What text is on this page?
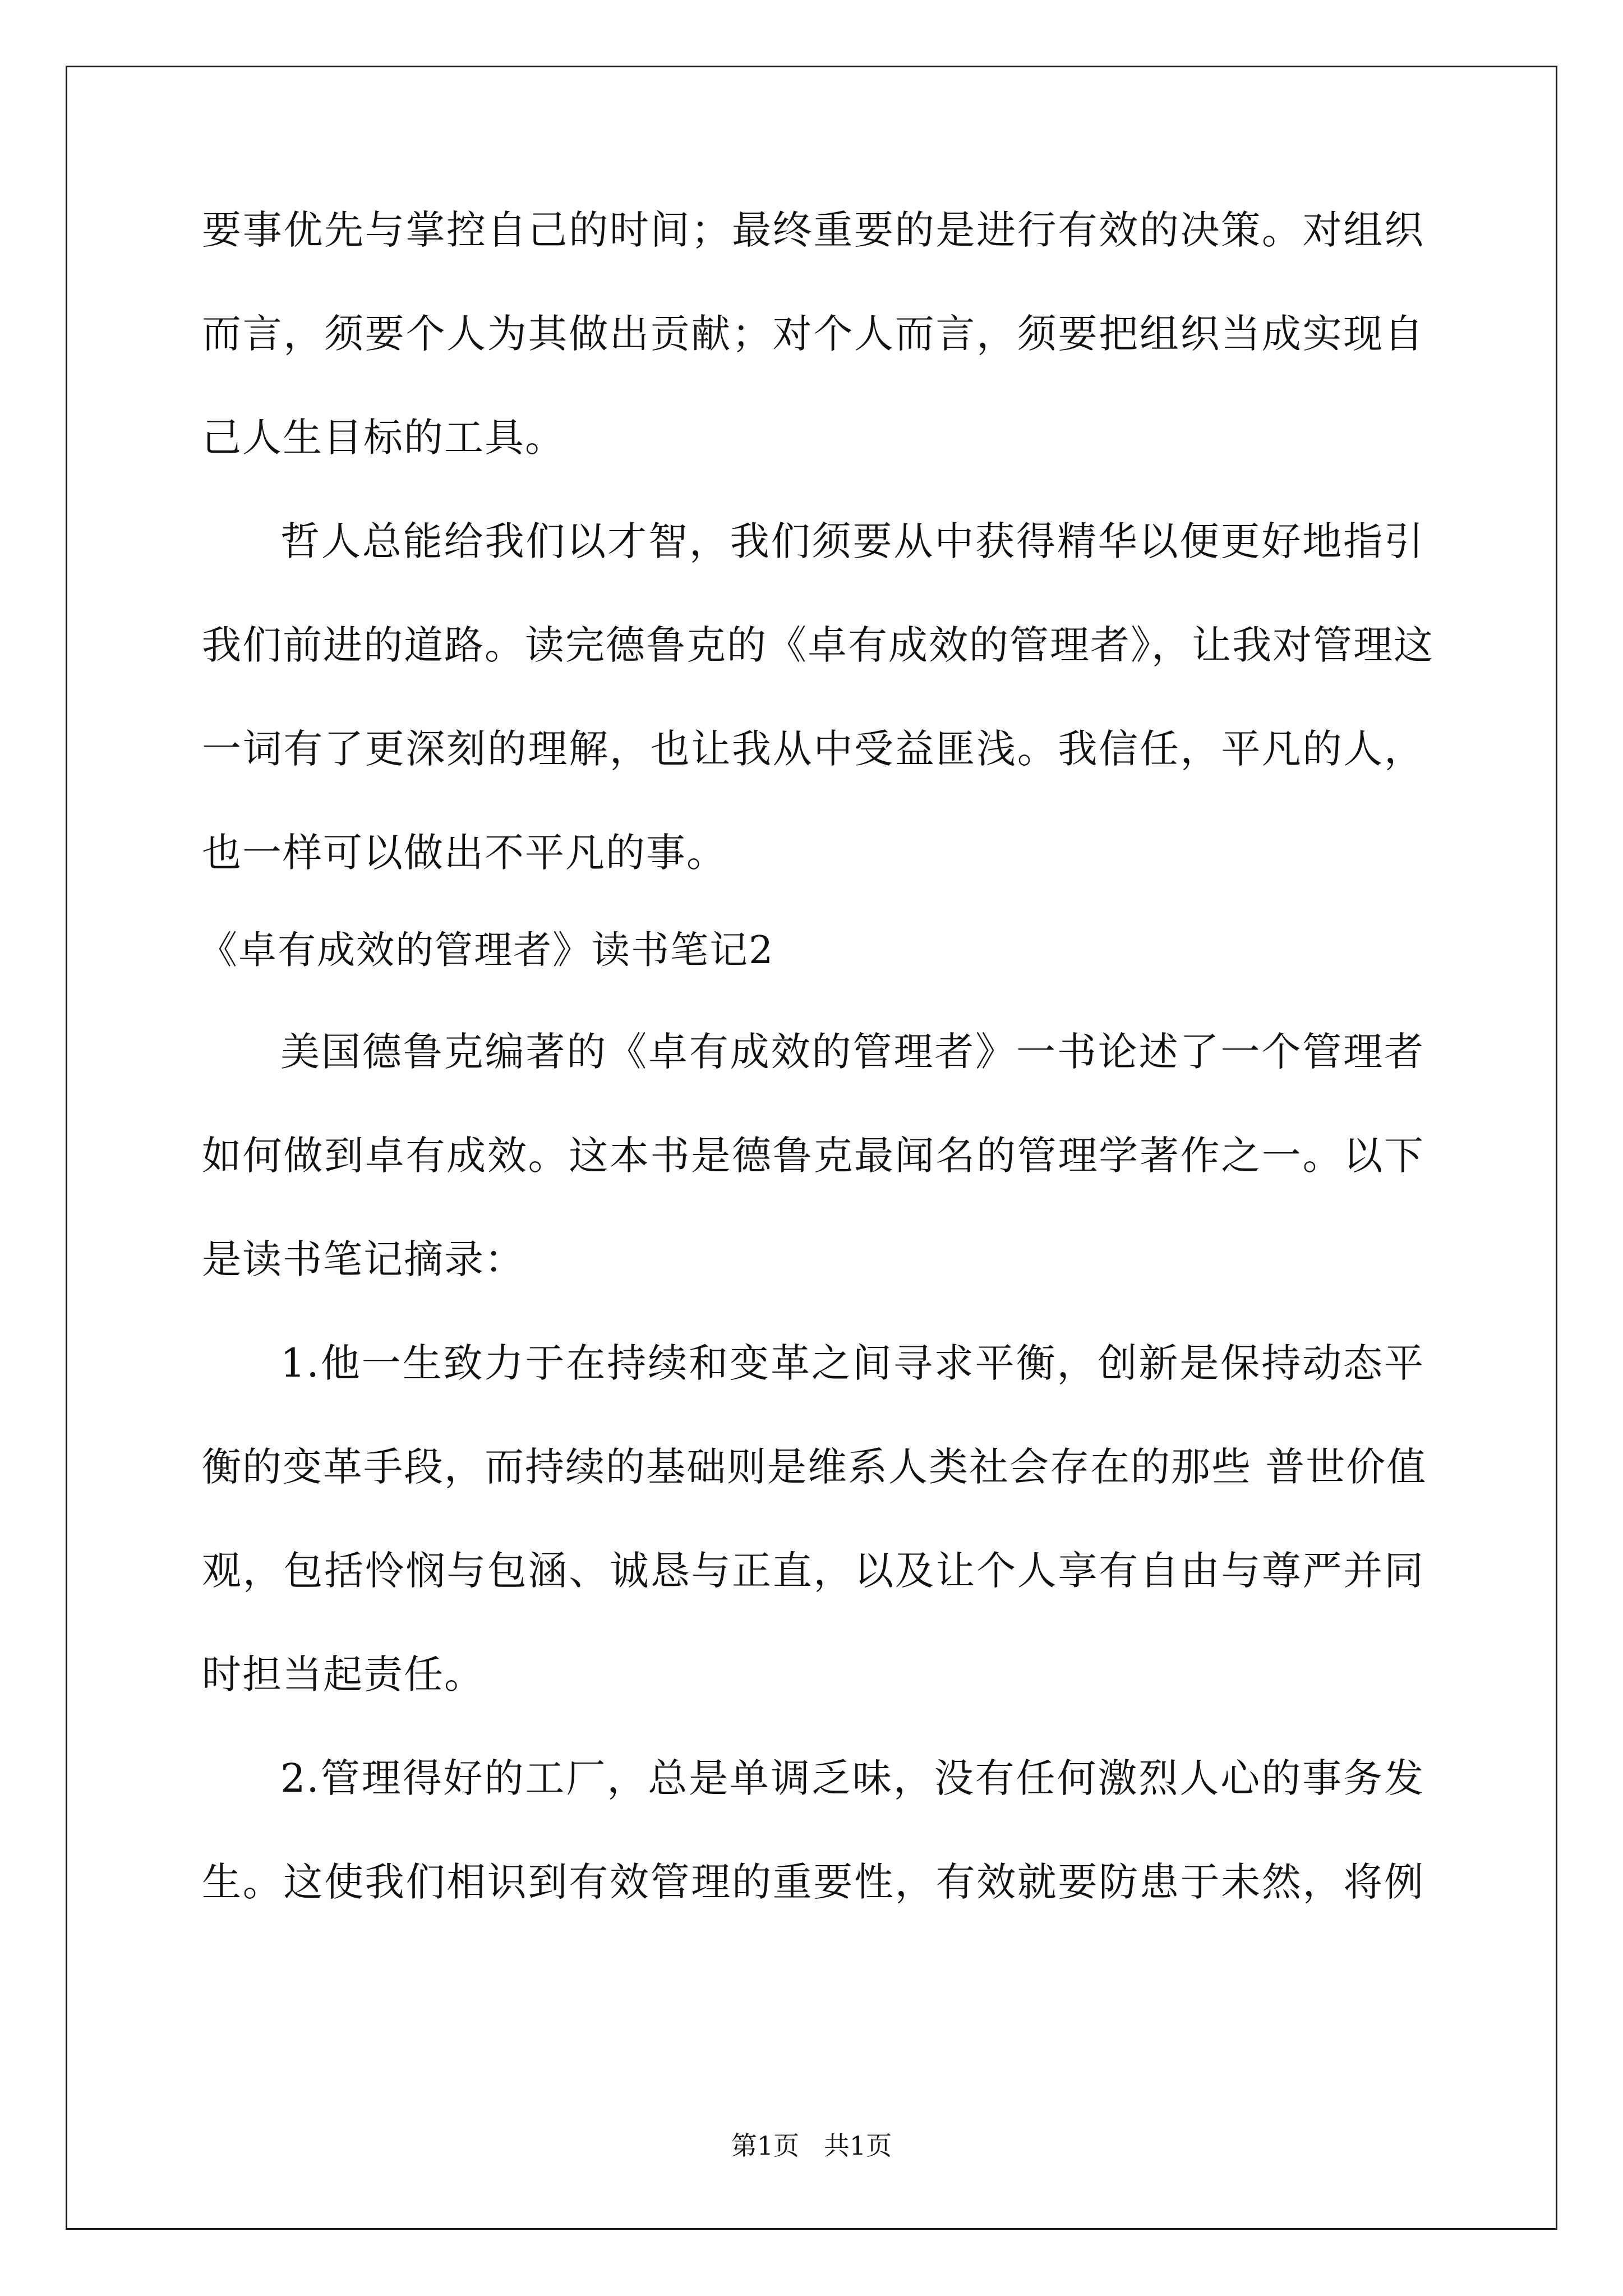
要事优先与掌控自己的时间；最终重要的是进行有效的决策。对组织
而言，须要个人为其做出贡献；对个人而言，须要把组织当成实现自
己人生目标的工具。
哲人总能给我们以才智，我们须要从中获得精华以便更好地指引
我们前进的道路。读完德鲁克的《卓有成效的管理者》，让我对管理这
一词有了更深刻的理解，也让我从中受益匪浅。我信任，平凡的人，
也一样可以做出不平凡的事。
《卓有成效的管理者》读书笔记2
美国德鲁克编著的《卓有成效的管理者》一书论述了一个管理者
如何做到卓有成效。这本书是德鲁克最闻名的管理学著作之一。以下
是读书笔记摘录：
1.他一生致力于在持续和变革之间寻求平衡，创新是保持动态平
衡的变革手段，而持续的基础则是维系人类社会存在的那些 普世价值
观，包括怜悯与包涵、诚恳与正直，以及让个人享有自由与尊严并同
时担当起责任。
2.管理得好的工厂，总是单调乏味，没有任何激烈人心的事务发
生。这使我们相识到有效管理的重要性，有效就要防患于未然，将例
第1页   共1页
